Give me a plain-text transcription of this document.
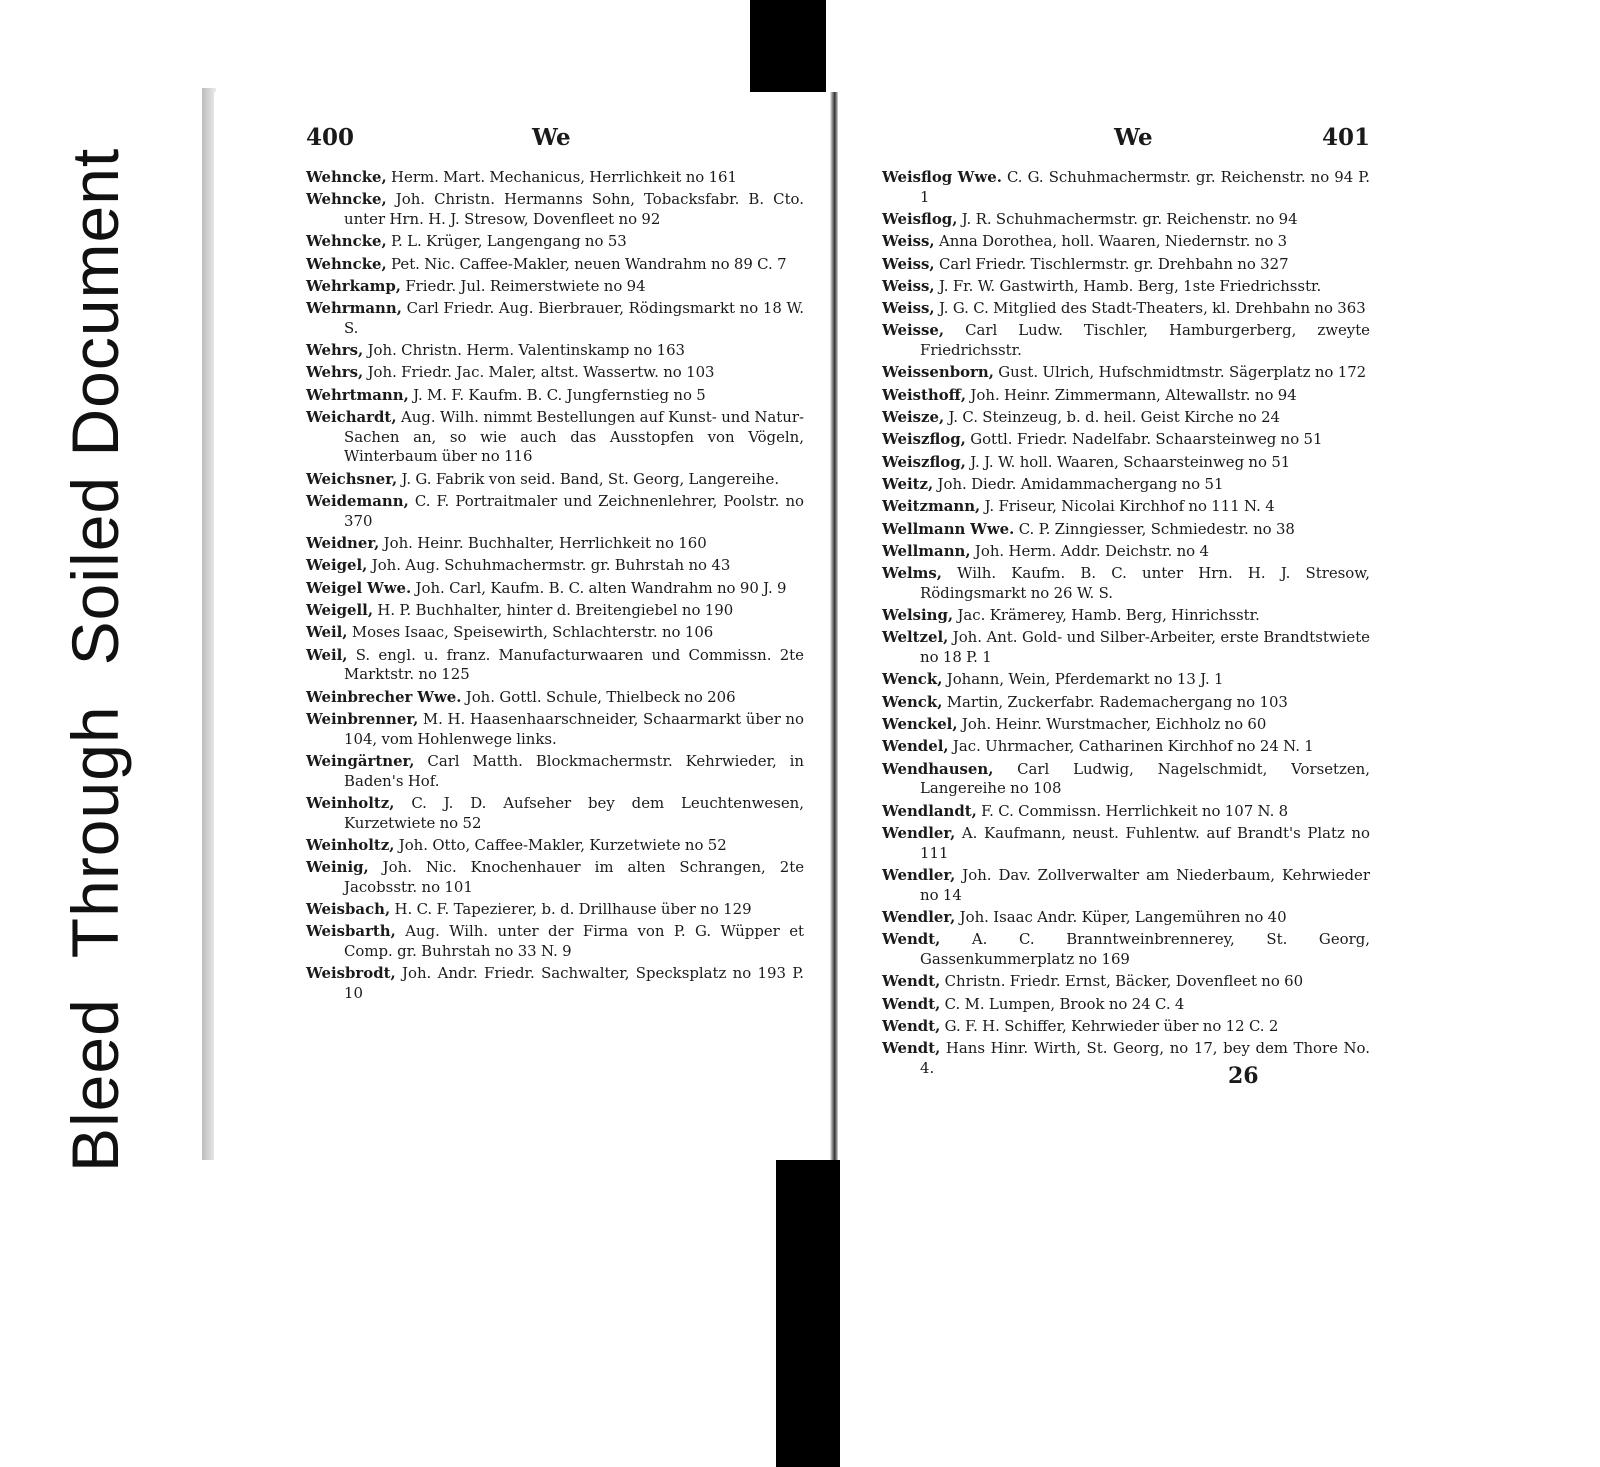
BleedThroughSoiled Document
400	We

Wehncke, Herm. Mart. Mechanicus, Herrlichkeit no 161

Wehncke, Joh. Christn. Hermanns Sohn, Tobacksfabr. B. Cto. unter Hrn. H. J. Stresow, Dovenfleet no 92

Wehncke, P. L. Krüger, Langengang no 53

Wehncke, Pet. Nic. Caffee-Makler, neuen Wandrahm no 89 C. 7

Wehrkamp, Friedr. Jul. Reimerstwiete no 94

Wehrmann, Carl Friedr. Aug. Bierbrauer, Rödingsmarkt no 18 W. S.

Wehrs, Joh. Christn. Herm. Valentinskamp no 163

Wehrs, Joh. Friedr. Jac. Maler, altst. Wassertw. no 103

Wehrtmann, J. M. F. Kaufm. B. C. Jungfernstieg no 5

Weichardt, Aug. Wilh. nimmt Bestellungen auf Kunst- und Natur-Sachen an, so wie auch das Ausstopfen von Vögeln, Winterbaum über no 116

Weichsner, J. G. Fabrik von seid. Band, St. Georg, Langereihe.

Weidemann, C. F. Portraitmaler und Zeichnenlehrer, Poolstr. no 370

Weidner, Joh. Heinr. Buchhalter, Herrlichkeit no 160

Weigel, Joh. Aug. Schuhmachermstr. gr. Buhrstah no 43

Weigel Wwe. Joh. Carl, Kaufm. B. C. alten Wandrahm no 90 J. 9

Weigell, H. P. Buchhalter, hinter d. Breitengiebel no 190

Weil, Moses Isaac, Speisewirth, Schlachterstr. no 106

Weil, S. engl. u. franz. Manufacturwaaren und Commissn. 2te Marktstr. no 125

Weinbrecher Wwe. Joh. Gottl. Schule, Thielbeck no 206

Weinbrenner, M. H. Haasenhaarschneider, Schaarmarkt über no 104, vom Hohlenwege links.

Weingärtner, Carl Matth. Blockmachermstr. Kehrwieder, in Baden's Hof.

Weinholtz, C. J. D. Aufseher bey dem Leuchtenwesen, Kurzetwiete no 52

Weinholtz, Joh. Otto, Caffee-Makler, Kurzetwiete no 52

Weinig, Joh. Nic. Knochenhauer im alten Schrangen, 2te Jacobsstr. no 101

Weisbach, H. C. F. Tapezierer, b. d. Drillhause über no 129

Weisbarth, Aug. Wilh. unter der Firma von P. G. Wüpper et Comp. gr. Buhrstah no 33 N. 9

Weisbrodt, Joh. Andr. Friedr. Sachwalter, Specksplatz no 193 P. 10

We	401

Weisflog Wwe. C. G. Schuhmachermstr. gr. Reichenstr. no 94 P. 1

Weisflog, J. R. Schuhmachermstr. gr. Reichenstr. no 94

Weiss, Anna Dorothea, holl. Waaren, Niedernstr. no 3

Weiss, Carl Friedr. Tischlermstr. gr. Drehbahn no 327

Weiss, J. Fr. W. Gastwirth, Hamb. Berg, 1ste Friedrichsstr.

Weiss, J. G. C. Mitglied des Stadt-Theaters, kl. Drehbahn no 363

Weisse, Carl Ludw. Tischler, Hamburgerberg, zweyte Friedrichsstr.

Weissenborn, Gust. Ulrich, Hufschmidtmstr. Sägerplatz no 172

Weisthoff, Joh. Heinr. Zimmermann, Altewallstr. no 94

Weisze, J. C. Steinzeug, b. d. heil. Geist Kirche no 24

Weiszflog, Gottl. Friedr. Nadelfabr. Schaarsteinweg no 51

Weiszflog, J. J. W. holl. Waaren, Schaarsteinweg no 51

Weitz, Joh. Diedr. Amidammachergang no 51

Weitzmann, J. Friseur, Nicolai Kirchhof no 111 N. 4

Wellmann Wwe. C. P. Zinngiesser, Schmiedestr. no 38

Wellmann, Joh. Herm. Addr. Deichstr. no 4

Welms, Wilh. Kaufm. B. C. unter Hrn. H. J. Stresow, Rödingsmarkt no 26 W. S.

Welsing, Jac. Krämerey, Hamb. Berg, Hinrichsstr.

Weltzel, Joh. Ant. Gold- und Silber-Arbeiter, erste Brandtstwiete no 18 P. 1

Wenck, Johann, Wein, Pferdemarkt no 13 J. 1

Wenck, Martin, Zuckerfabr. Rademachergang no 103

Wenckel, Joh. Heinr. Wurstmacher, Eichholz no 60

Wendel, Jac. Uhrmacher, Catharinen Kirchhof no 24 N. 1

Wendhausen, Carl Ludwig, Nagelschmidt, Vorsetzen, Langereihe no 108

Wendlandt, F. C. Commissn. Herrlichkeit no 107 N. 8

Wendler, A. Kaufmann, neust. Fuhlentw. auf Brandt's Platz no 111

Wendler, Joh. Dav. Zollverwalter am Niederbaum, Kehrwieder no 14

Wendler, Joh. Isaac Andr. Küper, Langemühren no 40

Wendt, A. C. Branntweinbrennerey, St. Georg, Gassenkummerplatz no 169

Wendt, Christn. Friedr. Ernst, Bäcker, Dovenfleet no 60

Wendt, C. M. Lumpen, Brook no 24 C. 4

Wendt, G. F. H. Schiffer, Kehrwieder über no 12 C. 2

Wendt, Hans Hinr. Wirth, St. Georg, no 17, bey dem Thore No. 4.	26
